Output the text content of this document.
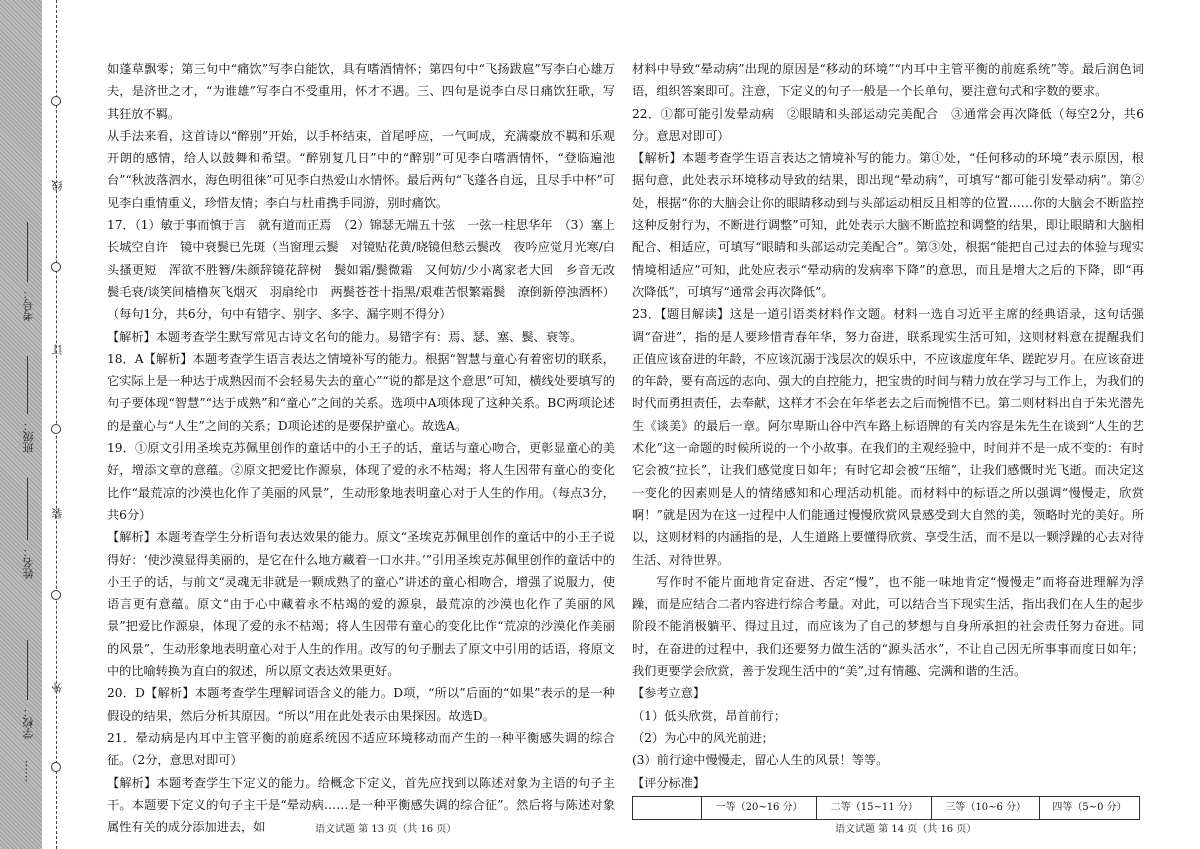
学校：
姓名：
班级：
考号：
……
外
装
订
线

如蓬草飘零；第三句中“痛饮”写李白能饮，具有嗜酒情怀；第四句中“飞扬跋扈”写李白心雄万夫，是济世之才，“为谁雄”写李白不受重用，怀才不遇。三、四句是说李白尽日痛饮狂歌，写其狂放不羁。

从手法来看，这首诗以“醉别”开始，以手杯结束，首尾呼应，一气呵成，充满豪放不羁和乐观开朗的感情，给人以鼓舞和希望。“醉别复几日”中的“醉别”可见李白嗜酒情怀，“登临遍池台”“秋波落泗水，海色明徂徕”可见李白热爱山水情怀。最后两句“飞蓬各自远，且尽手中杯”可见李白重情重义，珍惜友情；李白与杜甫携手同游，别时痛饮。

17．（1）敏于事而慎于言　就有道而正焉　（2）锦瑟无端五十弦　一弦一柱思华年　（3）塞上长城空自许　镜中衰鬓已先斑（当窗理云鬓　对镜贴花黄/晓镜但愁云鬓改　夜吟应觉月光寒/白头搔更短　浑欲不胜簪/朱颜辞镜花辞树　鬓如霜/鬓微霜　又何妨/少小离家老大回　乡音无改鬓毛衰/谈笑间樯橹灰飞烟灭　羽扇纶巾　两鬓苍苍十指黑/艰难苦恨繁霜鬓　潦倒新停浊酒杯）（每句1分，共6分，句中有错字、别字、多字、漏字则不得分）

【解析】本题考查学生默写常见古诗文名句的能力。易错字有：焉、瑟、塞、鬓、衰等。

18．A【解析】本题考查学生语言表达之情境补写的能力。根据“智慧与童心有着密切的联系，它实际上是一种达于成熟因而不会轻易失去的童心”“说的都是这个意思”可知，横线处要填写的句子要体现“智慧”“达于成熟”和“童心”之间的关系。选项中A项体现了这种关系。BC两项论述的是童心与“人生”之间的关系；D项论述的是要保护童心。故选A。

19．①原文引用圣埃克苏佩里创作的童话中的小王子的话，童话与童心吻合，更彰显童心的美好，增添文章的意蕴。②原文把爱比作源泉，体现了爱的永不枯竭；将人生因带有童心的变化比作“最荒凉的沙漠也化作了美丽的风景”，生动形象地表明童心对于人生的作用。（每点3分，共6分）

【解析】本题考查学生分析语句表达效果的能力。原文“圣埃克苏佩里创作的童话中的小王子说得好：‘使沙漠显得美丽的，是它在什么地方藏着一口水井。’”引用圣埃克苏佩里创作的童话中的小王子的话，与前文“灵魂无非就是一颗成熟了的童心”讲述的童心相吻合，增强了说服力，使语言更有意蕴。原文“由于心中藏着永不枯竭的爱的源泉，最荒凉的沙漠也化作了美丽的风景”把爱比作源泉，体现了爱的永不枯竭；将人生因带有童心的变化比作“荒凉的沙漠化作美丽的风景”，生动形象地表明童心对于人生的作用。改写的句子删去了原文中引用的话语，将原文中的比喻转换为直白的叙述，所以原文表达效果更好。

20．D【解析】本题考查学生理解词语含义的能力。D项，“所以”后面的“如果”表示的是一种假设的结果，然后分析其原因。“所以”用在此处表示由果探因。故选D。

21．晕动病是内耳中主管平衡的前庭系统因不适应环境移动而产生的一种平衡感失调的综合征。（2分，意思对即可）

【解析】本题考查学生下定义的能力。给概念下定义，首先应找到以陈述对象为主语的句子主干。本题要下定义的句子主干是“晕动病……是一种平衡感失调的综合征”。然后将与陈述对象属性有关的成分添加进去，如	语文试题 第 13 页（共 16 页）

材料中导致“晕动病”出现的原因是“移动的环境”“内耳中主管平衡的前庭系统”等。最后润色词语，组织答案即可。注意，下定义的句子一般是一个长单句，要注意句式和字数的要求。

22．①都可能引发晕动病　②眼睛和头部运动完美配合　③通常会再次降低（每空2分，共6分。意思对即可）

【解析】本题考查学生语言表达之情境补写的能力。第①处，“任何移动的环境”表示原因，根据句意，此处表示环境移动导致的结果，即出现“晕动病”，可填写“都可能引发晕动病”。第②处，根据“你的大脑会让你的眼睛移动到与头部运动相反且相等的位置……你的大脑会不断监控这种反射行为，不断进行调整”可知，此处表示大脑不断监控和调整的结果，即让眼睛和大脑相配合、相适应，可填写“眼睛和头部运动完美配合”。第③处，根据“能把自己过去的体验与现实情境相适应”可知，此处应表示“晕动病的发病率下降”的意思，而且是增大之后的下降，即“再次降低”，可填写“通常会再次降低”。

23．【题目解读】这是一道引语类材料作文题。材料一选自习近平主席的经典语录，这句话强调“奋进”，指的是人要珍惜青春年华，努力奋进，联系现实生活可知，这则材料意在提醒我们正值应该奋进的年龄，不应该沉溺于浅层次的娱乐中，不应该虚度年华、蹉跎岁月。在应该奋进的年龄，要有高远的志向、强大的自控能力，把宝贵的时间与精力放在学习与工作上，为我们的时代而勇担责任，去奉献，这样才不会在年华老去之后而惋惜不已。第二则材料出自于朱光潜先生《谈美》的最后一章。阿尔卑斯山谷中汽车路上标语牌的有关内容是朱先生在谈到“人生的艺术化”这一命题的时候所说的一个小故事。在我们的主观经验中，时间并不是一成不变的：有时它会被“拉长”，让我们感觉度日如年；有时它却会被“压缩”，让我们感慨时光飞逝。而决定这一变化的因素则是人的情绪感知和心理活动机能。而材料中的标语之所以强调“慢慢走，欣赏啊！”就是因为在这一过程中人们能通过慢慢欣赏风景感受到大自然的美，领略时光的美好。所以，这则材料的内涵指的是，人生道路上要懂得欣赏、享受生活，而不是以一颗浮躁的心去对待生活、对待世界。

写作时不能片面地肯定奋进、否定“慢”，也不能一味地肯定“慢慢走”而将奋进理解为浮躁，而是应结合二者内容进行综合考量。对此，可以结合当下现实生活，指出我们在人生的起步阶段不能消极躺平、得过且过，而应该为了自己的梦想与自身所承担的社会责任努力奋进。同时，在奋进的过程中，我们还要努力做生活的“源头活水”，不让自己因无所事事而度日如年；我们更要学会欣赏，善于发现生活中的“美”,过有情趣、完满和谐的生活。

【参考立意】

（1）低头欣赏，昂首前行；

（2）为心中的风光前进；

(3）前行途中慢慢走，留心人生的风景！等等。

【评分标准】

	一等（20~16 分）	二等（15~11 分）	三等（10~6 分）	四等（5~0 分）
语文试题 第 14 页（共 16 页）
